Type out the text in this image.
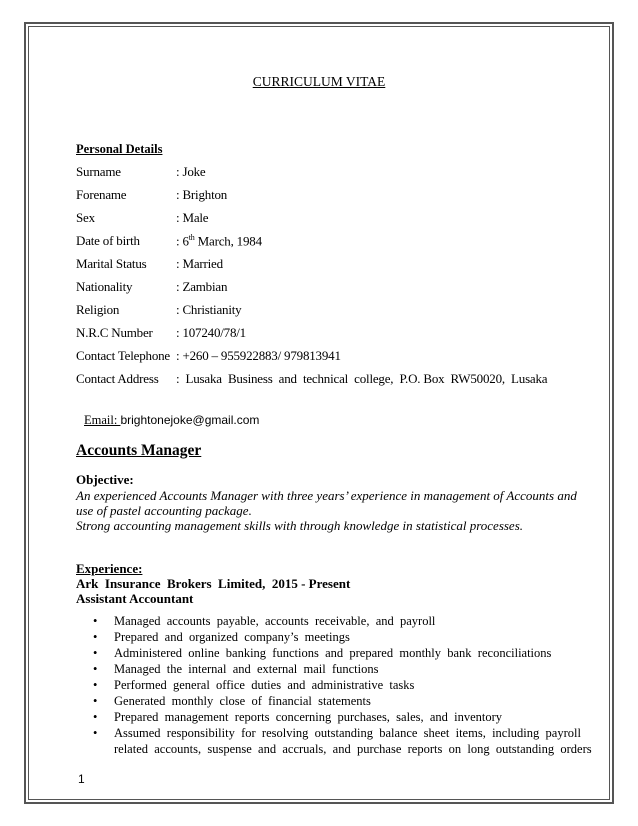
CURRICULUM VITAE
Personal Details
Surname	: Joke
Forename	: Brighton
Sex	: Male
Date of birth	: 6th March, 1984
Marital Status : Married
Nationality	: Zambian
Religion	: Christianity
N.R.C Number : 107240/78/1
Contact Telephone : +260 – 955922883/ 979813941
Contact Address :  Lusaka  Business  and  technical  college,  P.O. Box  RW50020,  Lusaka
Email: brightonejoke@gmail.com
Accounts Manager
Objective:
An experienced Accounts Manager with three years’ experience in management of Accounts and
use of pastel accounting package.
Strong accounting management skills with through knowledge in statistical processes.
Experience:
Ark  Insurance  Brokers  Limited,  2015 - Present
Assistant Accountant
• Managed  accounts  payable,  accounts  receivable,  and  payroll
• Prepared  and  organized  company’s  meetings
• Administered  online  banking  functions  and  prepared  monthly  bank  reconciliations
• Managed  the  internal  and  external  mail  functions
• Performed  general  office  duties  and  administrative  tasks
• Generated  monthly  close  of  financial  statements
• Prepared  management  reports  concerning  purchases,  sales,  and  inventory
• Assumed  responsibility  for  resolving  outstanding  balance  sheet  items,  including  payroll  related  accounts,  suspense  and  accruals,  and  purchase  reports  on  long  outstanding  orders
1
